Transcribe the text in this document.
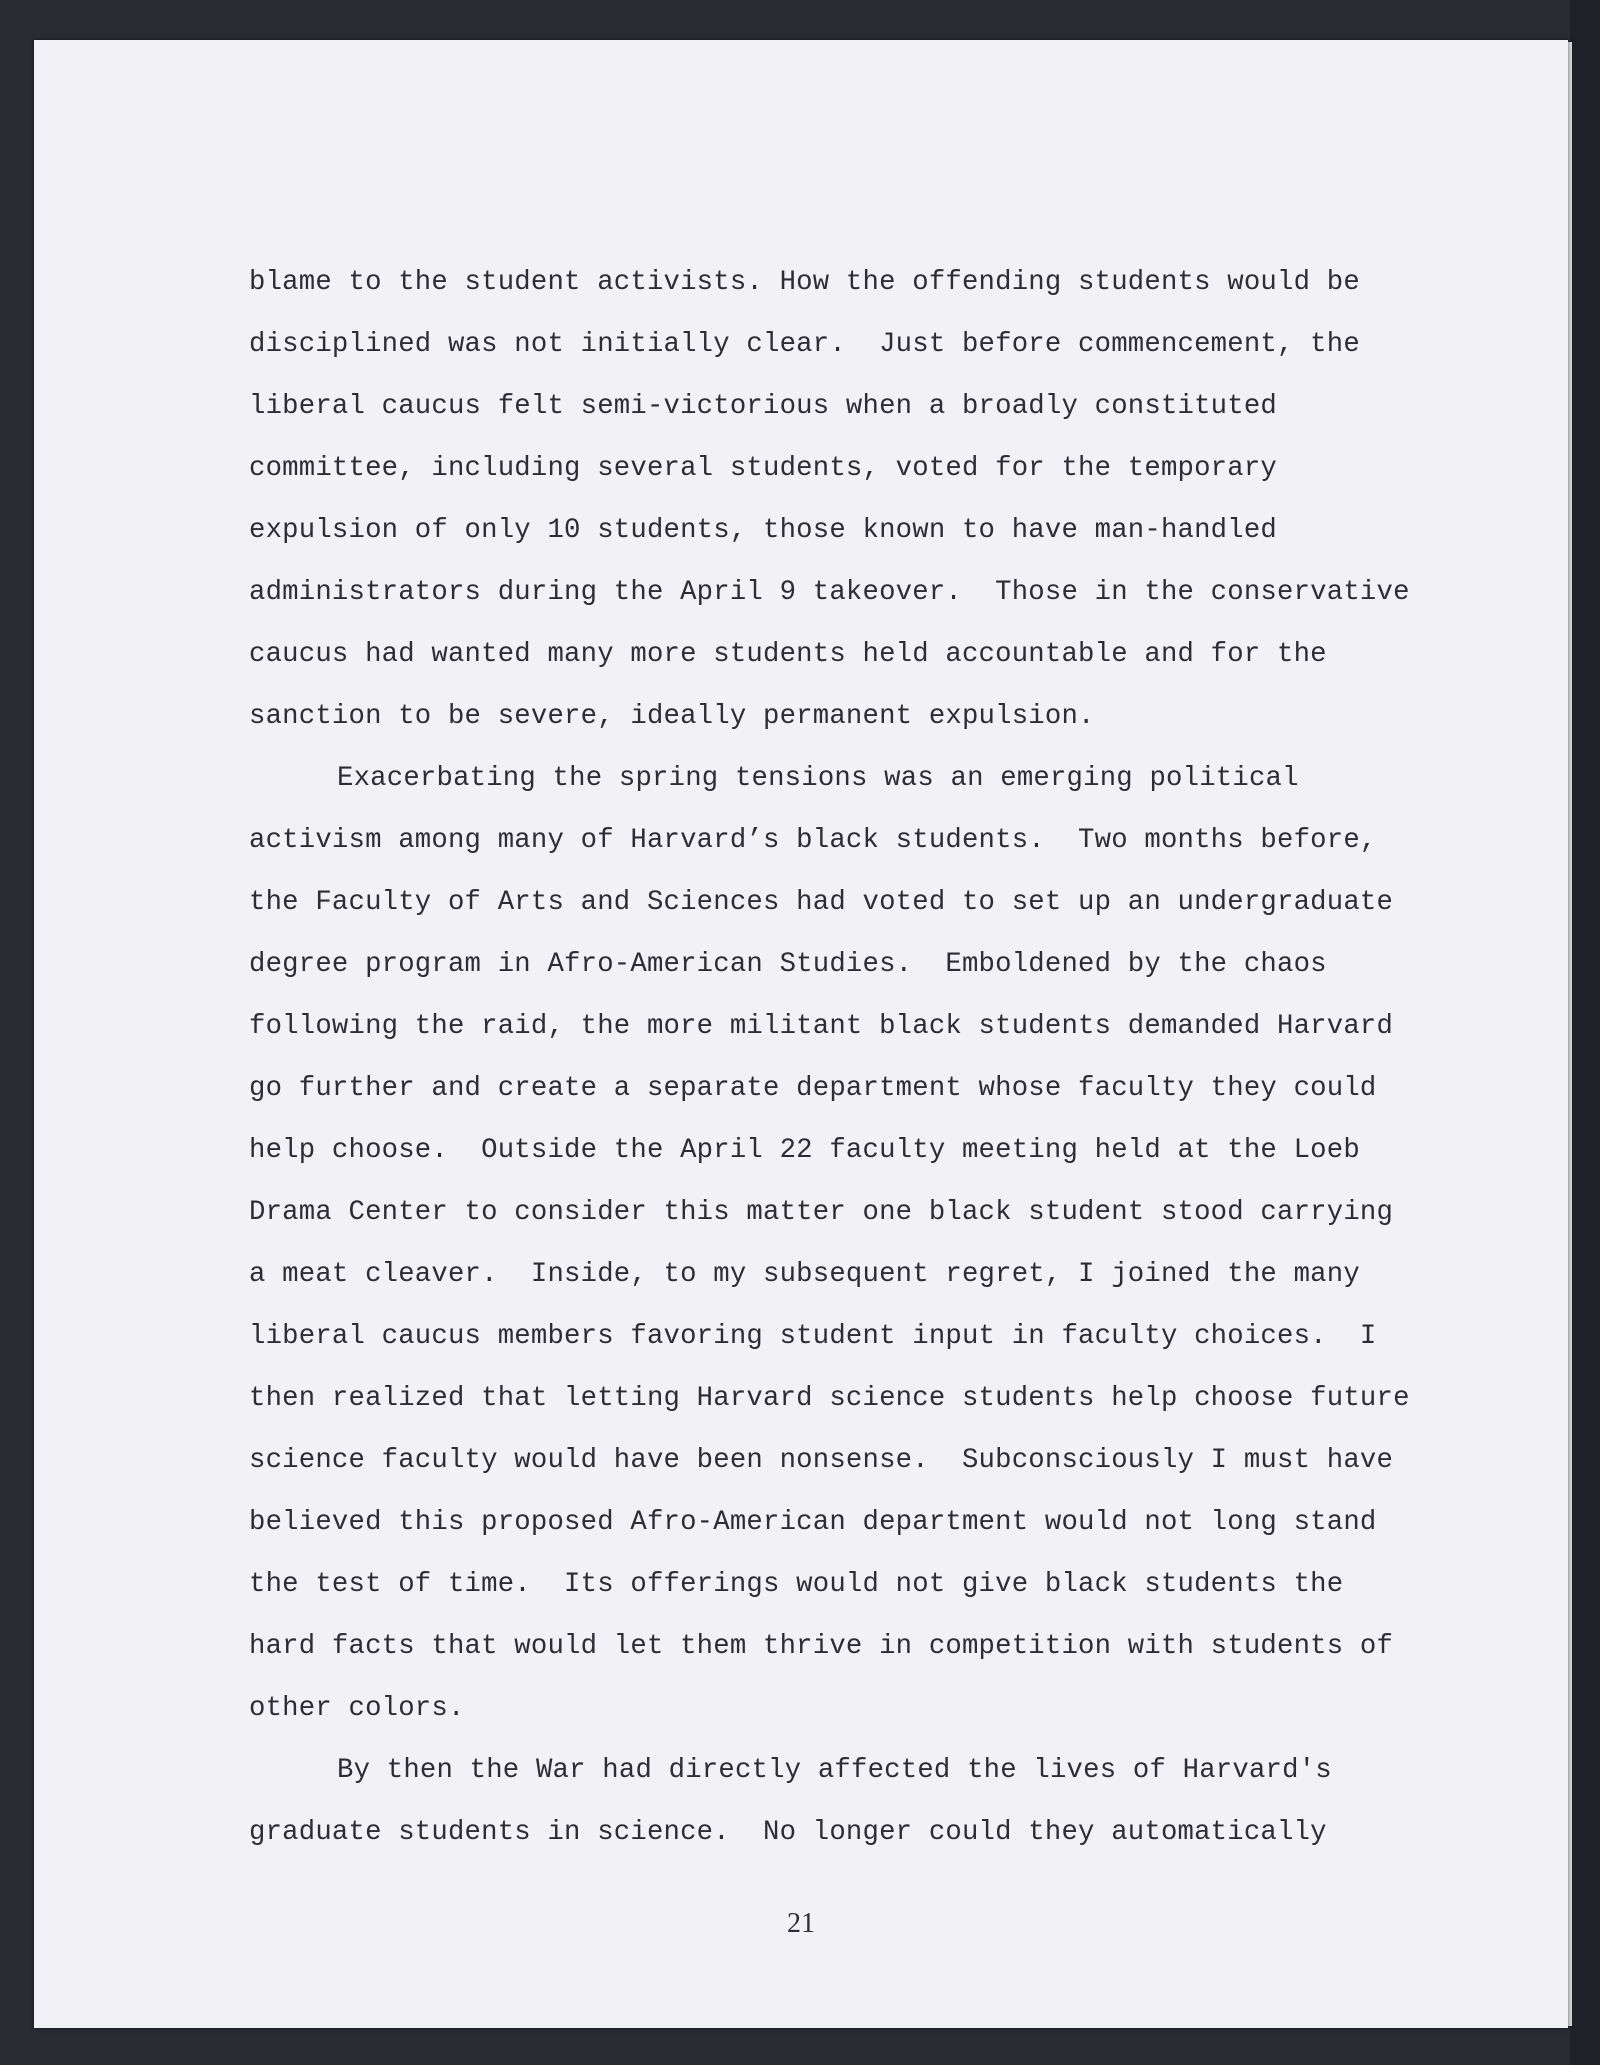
blame to the student activists. How the offending students would be
disciplined was not initially clear.  Just before commencement, the
liberal caucus felt semi-victorious when a broadly constituted
committee, including several students, voted for the temporary
expulsion of only 10 students, those known to have man-handled
administrators during the April 9 takeover.  Those in the conservative
caucus had wanted many more students held accountable and for the
sanction to be severe, ideally permanent expulsion.
Exacerbating the spring tensions was an emerging political
activism among many of Harvard’s black students.  Two months before,
the Faculty of Arts and Sciences had voted to set up an undergraduate
degree program in Afro-American Studies.  Emboldened by the chaos
following the raid, the more militant black students demanded Harvard
go further and create a separate department whose faculty they could
help choose.  Outside the April 22 faculty meeting held at the Loeb
Drama Center to consider this matter one black student stood carrying
a meat cleaver.  Inside, to my subsequent regret, I joined the many
liberal caucus members favoring student input in faculty choices.  I
then realized that letting Harvard science students help choose future
science faculty would have been nonsense.  Subconsciously I must have
believed this proposed Afro-American department would not long stand
the test of time.  Its offerings would not give black students the
hard facts that would let them thrive in competition with students of
other colors.
By then the War had directly affected the lives of Harvard's
graduate students in science.  No longer could they automatically
21
